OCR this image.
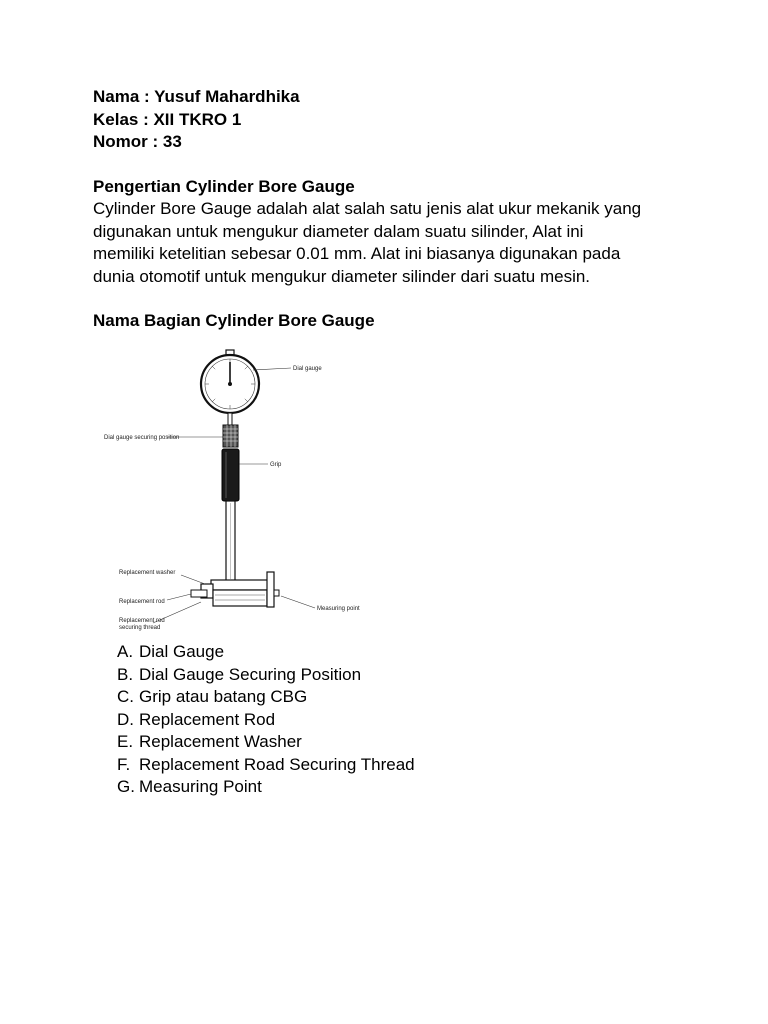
Nama : Yusuf Mahardhika
Kelas : XII TKRO 1
Nomor : 33
Pengertian Cylinder Bore Gauge
Cylinder Bore Gauge adalah alat salah satu jenis alat ukur mekanik yang
digunakan untuk mengukur diameter dalam suatu silinder, Alat ini
memiliki ketelitian sebesar 0.01 mm. Alat ini biasanya digunakan pada
dunia otomotif untuk mengukur diameter silinder dari suatu mesin.
Nama Bagian Cylinder Bore Gauge
Dial gauge
Dial gauge securing position
Grip
Replacement washer
Replacement rod
Replacement rod
securing thread
Measuring point
A. Dial Gauge
B. Dial Gauge Securing Position
C. Grip atau batang CBG
D. Replacement Rod
E. Replacement Washer
F. Replacement Road Securing Thread
G. Measuring Point
